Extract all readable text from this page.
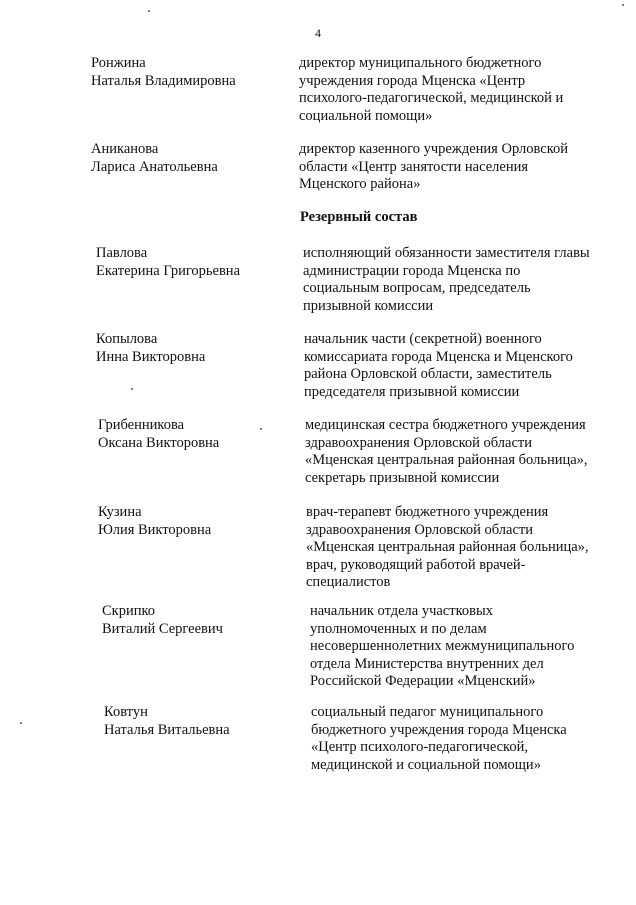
4
Ронжина
Наталья Владимировна
директор муниципального бюджетного
учреждения города Мценска «Центр
психолого-педагогической, медицинской и
социальной помощи»
Аниканова
Лариса Анатольевна
директор казенного учреждения Орловской
области «Центр занятости населения
Мценского района»
Резервный состав
Павлова
Екатерина Григорьевна
исполняющий обязанности заместителя главы
администрации города Мценска по
социальным вопросам, председатель
призывной комиссии
Копылова
Инна Викторовна
начальник части (секретной) военного
комиссариата города Мценска и Мценского
района Орловской области, заместитель
председателя призывной комиссии
Грибенникова
Оксана Викторовна
медицинская сестра бюджетного учреждения
здравоохранения Орловской области
«Мценская центральная районная больница»,
секретарь призывной комиссии
Кузина
Юлия Викторовна
врач-терапевт бюджетного учреждения
здравоохранения Орловской области
«Мценская центральная районная больница»,
врач, руководящий работой врачей-
специалистов
Скрипко
Виталий Сергеевич
начальник отдела участковых
уполномоченных и по делам
несовершеннолетних межмуниципального
отдела Министерства внутренних дел
Российской Федерации «Мценский»
Ковтун
Наталья Витальевна
социальный педагог муниципального
бюджетного учреждения города Мценска
«Центр психолого-педагогической,
медицинской и социальной помощи»
